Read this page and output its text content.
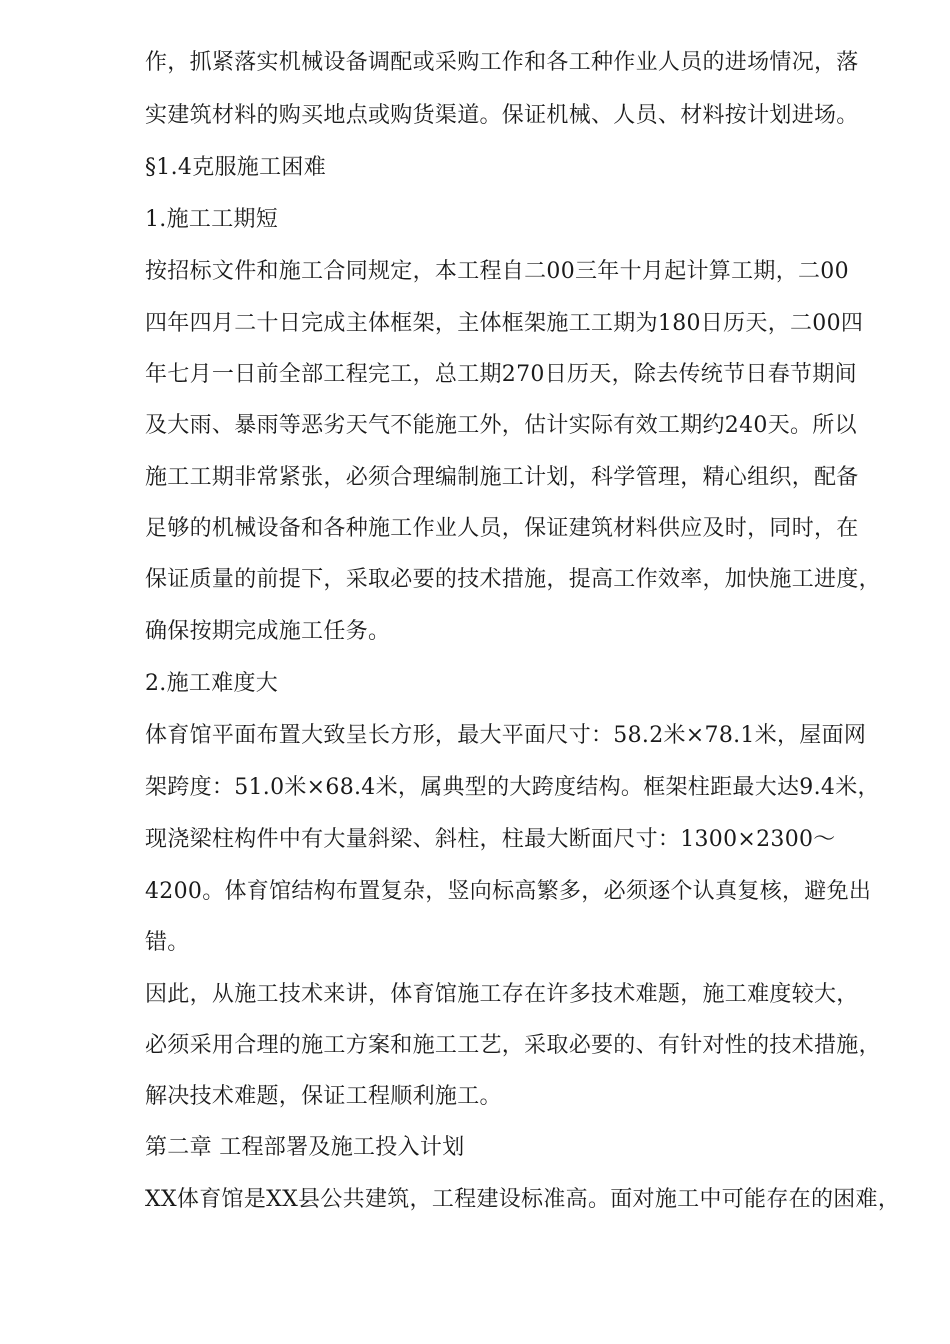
作，抓紧落实机械设备调配或采购工作和各工种作业人员的进场情况，落
实建筑材料的购买地点或购货渠道。保证机械、人员、材料按计划进场。
§1.4克服施工困难
1.施工工期短
按招标文件和施工合同规定，本工程自二00三年十月起计算工期，二00
四年四月二十日完成主体框架，主体框架施工工期为180日历天，二00四
年七月一日前全部工程完工，总工期270日历天，除去传统节日春节期间
及大雨、暴雨等恶劣天气不能施工外，估计实际有效工期约240天。所以
施工工期非常紧张，必须合理编制施工计划，科学管理，精心组织，配备
足够的机械设备和各种施工作业人员，保证建筑材料供应及时，同时，在
保证质量的前提下，采取必要的技术措施，提高工作效率，加快施工进度，
确保按期完成施工任务。
2.施工难度大
体育馆平面布置大致呈长方形，最大平面尺寸：58.2米×78.1米，屋面网
架跨度：51.0米×68.4米，属典型的大跨度结构。框架柱距最大达9.4米，
现浇梁柱构件中有大量斜梁、斜柱，柱最大断面尺寸：1300×2300～
4200。体育馆结构布置复杂，竖向标高繁多，必须逐个认真复核，避免出
错。
因此，从施工技术来讲，体育馆施工存在许多技术难题，施工难度较大，
必须采用合理的施工方案和施工工艺，采取必要的、有针对性的技术措施，
解决技术难题，保证工程顺利施工。
第二章 工程部署及施工投入计划
XX体育馆是XX县公共建筑，工程建设标准高。面对施工中可能存在的困难，
